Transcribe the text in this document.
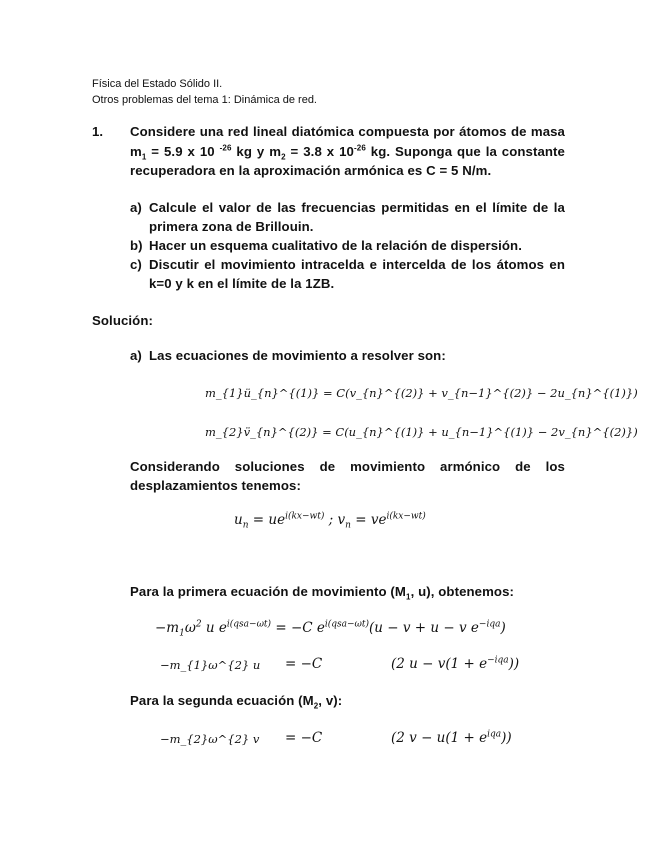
Física del Estado Sólido II.
Otros problemas del tema 1: Dinámica de red.
1. Considere una red lineal diatómica compuesta por átomos de masa
$m_1 = 5.9$ x 10 $^{-26}$ kg y $m_2 = 3.8$ x $10^{-26}$ kg. Suponga que la constante
recuperadora en la aproximación armónica es C = 5 N/m.
a) Calcule el valor de las frecuencias permitidas en el límite de la
primera zona de Brillouin.
b) Hacer un esquema cualitativo de la relación de dispersión.
c) Discutir el movimiento intracelda e intercelda de los átomos en
k=0 y k en el límite de la 1ZB.
Solución:
a) Las ecuaciones de movimiento a resolver son:
m_{1}ü_{n}^{(1)} = C(v_{n}^{(2)} + v_{n−1}^{(2)} − 2u_{n}^{(1)})
m_{2}v̈_{n}^{(2)} = C(u_{n}^{(1)} + u_{n−1}^{(1)} − 2v_{n}^{(2)})
Considerando soluciones de movimiento armónico de los
desplazamientos tenemos:
$u_n = ue^{i(kx-wt)}$ ; $v_n = ve^{i(kx-wt)}$
Para la primera ecuación de movimiento ($M_1$, u), obtenemos:
$-m_1\omega^2$ u $e^{i(qsa-\omega t)} = -C$ $e^{i(qsa-\omega t)}(u - v + u - v$ $e^{-iqa}$)
−m_{1}ω^{2} u = −C	(2 $u - v(1 + e^{-iqa})$)
Para la segunda ecuación ($M_2$, v):
−m_{2}ω^{2} v = −C	(2 $v - u(1 + e^{iqa})$)
